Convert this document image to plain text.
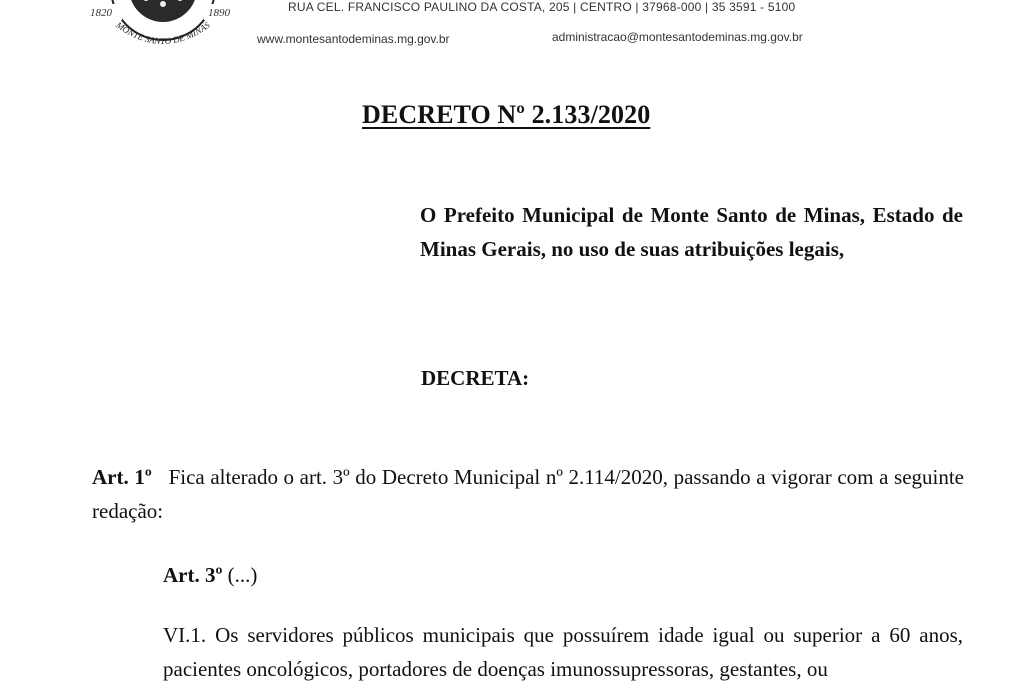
1820	1890
MONTE SANTO DE MINAS
RUA CEL. FRANCISCO PAULINO DA COSTA, 205 | CENTRO | 37968-000 | 35 3591 - 5100
www.montesantodeminas.mg.gov.br	administracao@montesantodeminas.mg.gov.br
DECRETO Nº 2.133/2020

O Prefeito Municipal de Monte Santo de Minas, Estado de Minas Gerais, no uso de suas atribuições legais,

DECRETA:

Art. 1º Fica alterado o art. 3º do Decreto Municipal nº 2.114/2020, passando a vigorar com a seguinte redação:

Art. 3º (...)

VI.1. Os servidores públicos municipais que possuírem idade igual ou superior a 60 anos, pacientes oncológicos, portadores de doenças imunossupressoras, gestantes, ou
